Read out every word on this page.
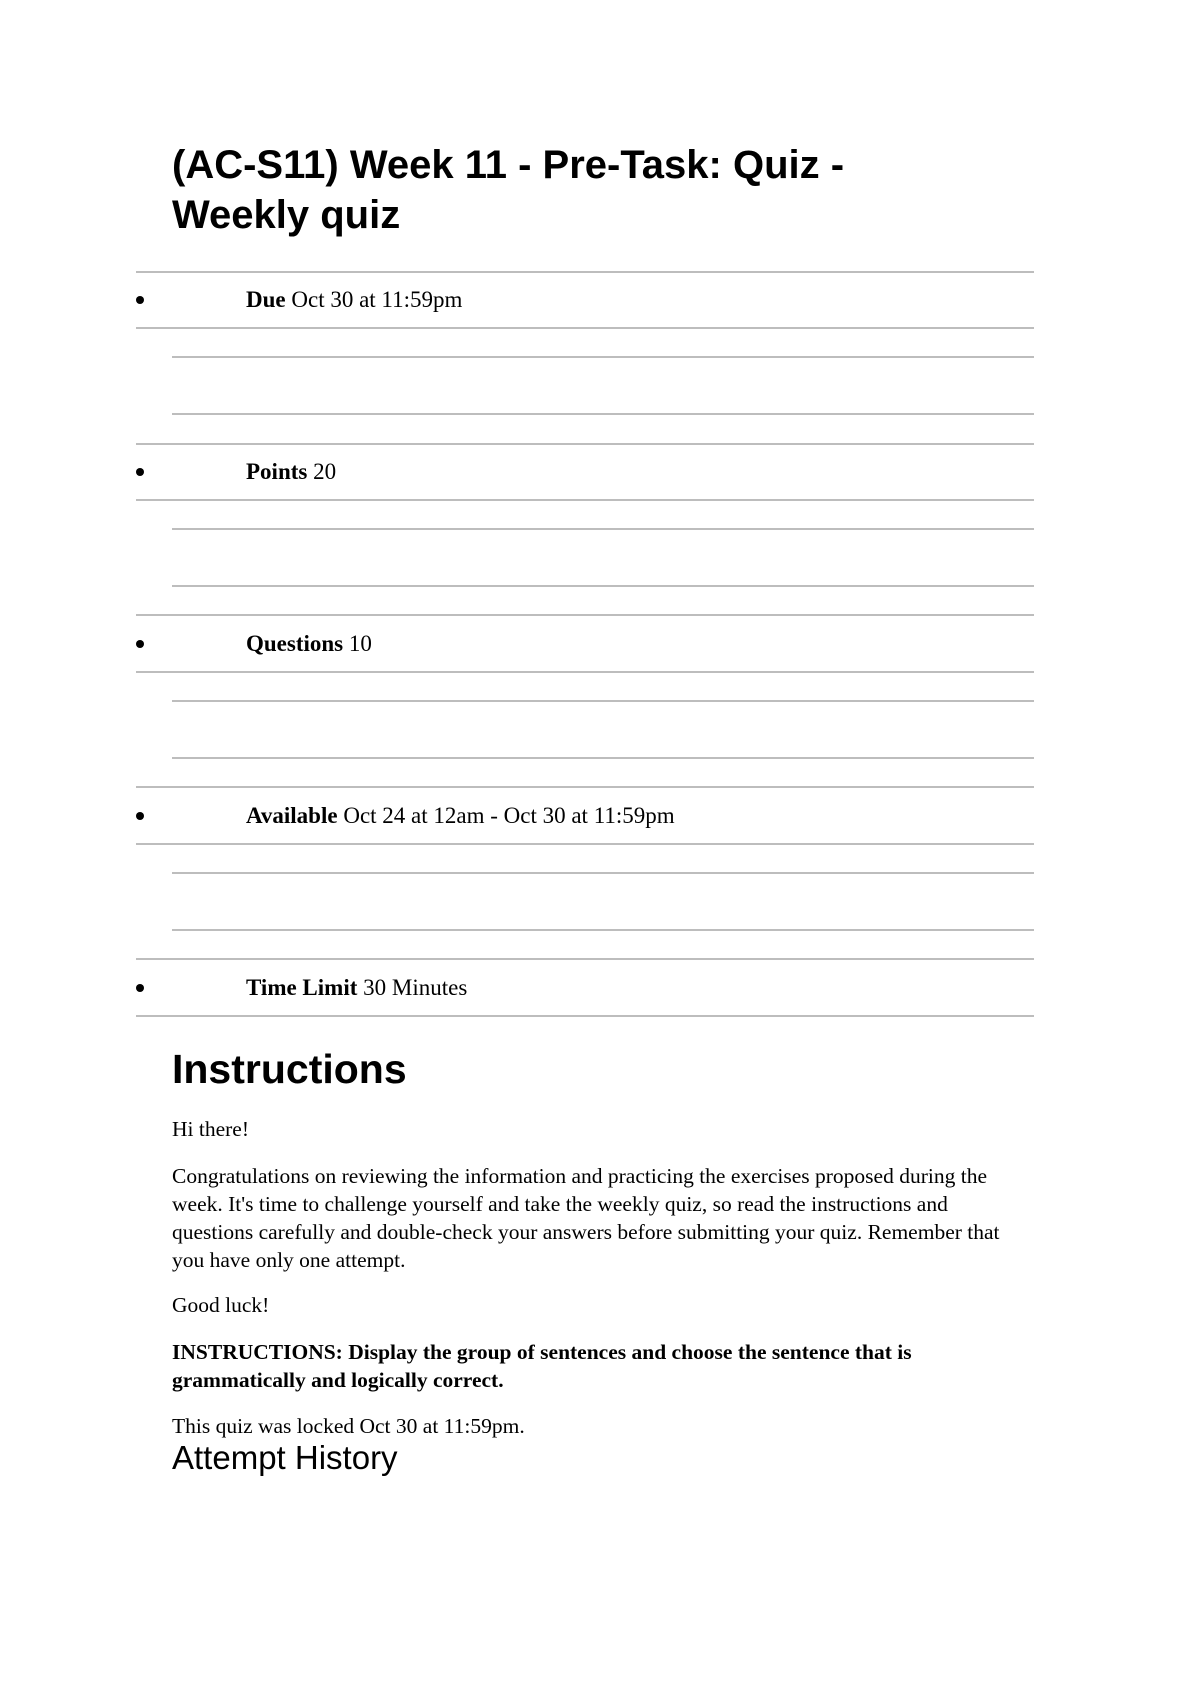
(AC-S11) Week 11 - Pre-Task: Quiz - Weekly quiz
Due Oct 30 at 11:59pm
Points 20
Questions 10
Available Oct 24 at 12am - Oct 30 at 11:59pm
Time Limit 30 Minutes
Instructions

Hi there!

Congratulations on reviewing the information and practicing the exercises proposed during the week. It's time to challenge yourself and take the weekly quiz, so read the instructions and questions carefully and double-check your answers before submitting your quiz. Remember that you have only one attempt.

Good luck!

INSTRUCTIONS: Display the group of sentences and choose the sentence that is grammatically and logically correct.

This quiz was locked Oct 30 at 11:59pm.

Attempt History
